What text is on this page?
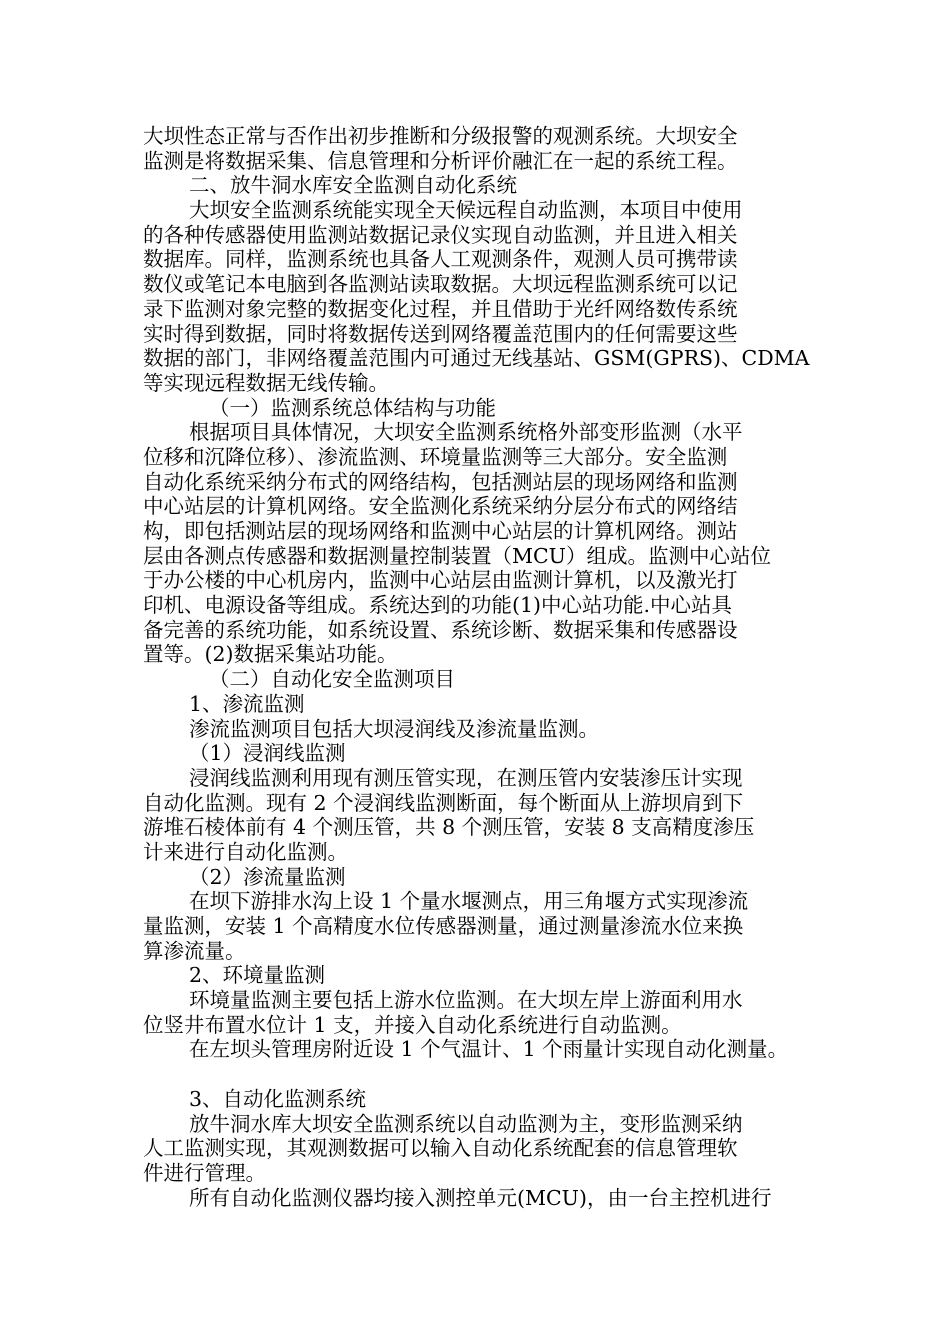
大坝性态正常与否作出初步推断和分级报警的观测系统。大坝安全
监测是将数据采集、信息管理和分析评价融汇在一起的系统工程。
二、放牛洞水库安全监测自动化系统
大坝安全监测系统能实现全天候远程自动监测，本项目中使用
的各种传感器使用监测站数据记录仪实现自动监测，并且进入相关
数据库。同样，监测系统也具备人工观测条件，观测人员可携带读
数仪或笔记本电脑到各监测站读取数据。大坝远程监测系统可以记
录下监测对象完整的数据变化过程，并且借助于光纤网络数传系统
实时得到数据，同时将数据传送到网络覆盖范围内的任何需要这些
数据的部门，非网络覆盖范围内可通过无线基站、GSM(GPRS)、CDMA
等实现远程数据无线传输。
（一）监测系统总体结构与功能
根据项目具体情况，大坝安全监测系统格外部变形监测（水平
位移和沉降位移）、渗流监测、环境量监测等三大部分。安全监测
自动化系统采纳分布式的网络结构，包括测站层的现场网络和监测
中心站层的计算机网络。安全监测化系统采纳分层分布式的网络结
构，即包括测站层的现场网络和监测中心站层的计算机网络。测站
层由各测点传感器和数据测量控制装置（MCU）组成。监测中心站位
于办公楼的中心机房内，监测中心站层由监测计算机，以及激光打
印机、电源设备等组成。系统达到的功能(1)中心站功能.中心站具
备完善的系统功能，如系统设置、系统诊断、数据采集和传感器设
置等。(2)数据采集站功能。
（二）自动化安全监测项目
1、渗流监测
渗流监测项目包括大坝浸润线及渗流量监测。
（1）浸润线监测
浸润线监测利用现有测压管实现，在测压管内安装渗压计实现
自动化监测。现有 2 个浸润线监测断面，每个断面从上游坝肩到下
游堆石棱体前有 4 个测压管，共 8 个测压管，安装 8 支高精度渗压
计来进行自动化监测。
（2）渗流量监测
在坝下游排水沟上设 1 个量水堰测点，用三角堰方式实现渗流
量监测，安装 1 个高精度水位传感器测量，通过测量渗流水位来换
算渗流量。
2、环境量监测
环境量监测主要包括上游水位监测。在大坝左岸上游面利用水
位竖井布置水位计 1 支，并接入自动化系统进行自动监测。
在左坝头管理房附近设 1 个气温计、1 个雨量计实现自动化测量。
3、自动化监测系统
放牛洞水库大坝安全监测系统以自动监测为主，变形监测采纳
人工监测实现，其观测数据可以输入自动化系统配套的信息管理软
件进行管理。
所有自动化监测仪器均接入测控单元(MCU)，由一台主控机进行
